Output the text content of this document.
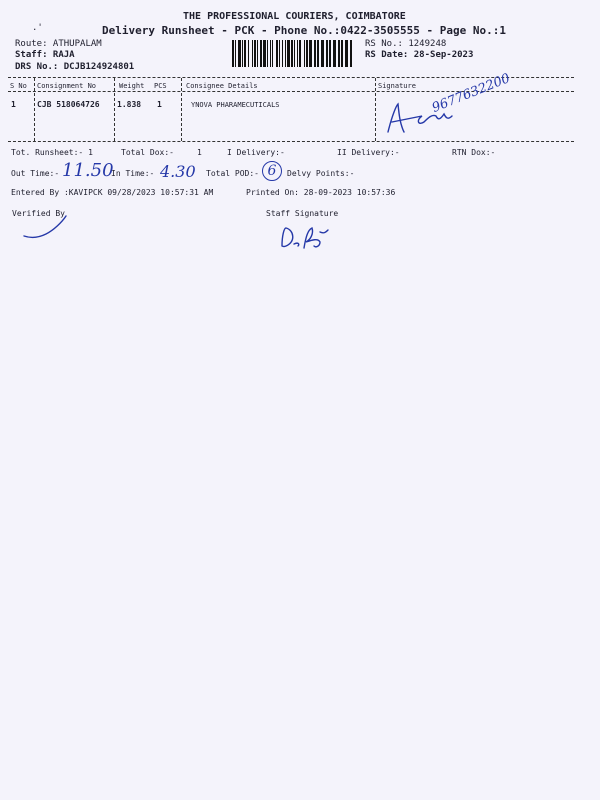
THE PROFESSIONAL COURIERS, COIMBATORE
Delivery Runsheet - PCK - Phone No.:0422-3505555 - Page No.:1
.'
Route: ATHUPALAM
Staff: RAJA
DRS No.: DCJB124924801
RS No.: 1249248
RS Date: 28-Sep-2023
S No Consignment No	Weight PCS	Consignee Details	Signature
1	CJB 518064726 1.838 1	YNOVA PHARAMECUTICALS	9677632200
Tot. Runsheet:- 1	Total Dox:-	1	I Delivery:-	II Delivery:-	RTN Dox:-
Out Time:- 11.50
In Time:- 4.30 Total POD:- 6	Delvy Points:-
Entered By :KAVIPCK 09/28/2023 10:57:31 AM	Printed On: 28-09-2023 10:57:36
Verified By	Staff Signature
